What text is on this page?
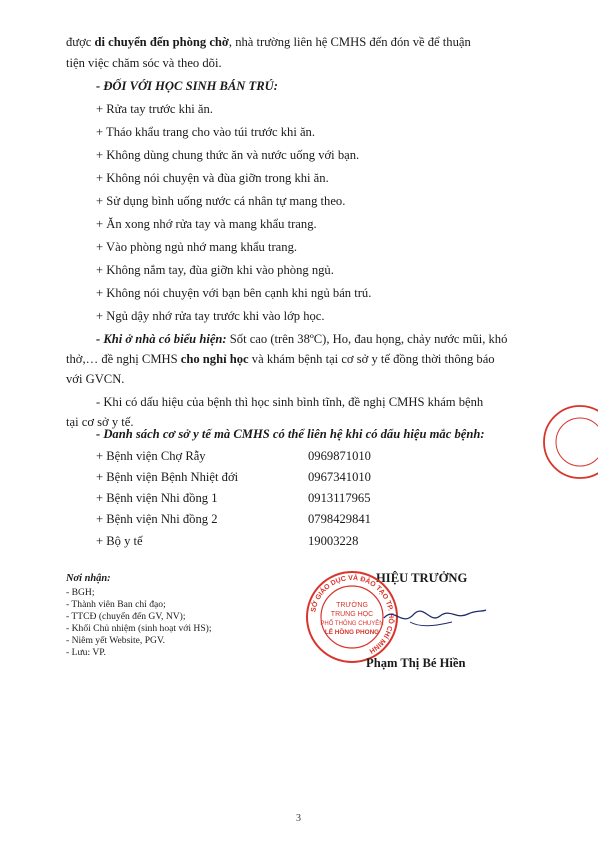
được di chuyển đến phòng chờ, nhà trường liên hệ CMHS đến đón về để thuận
tiện việc chăm sóc và theo dõi.
- ĐỐI VỚI HỌC SINH BÁN TRÚ:
+ Rửa tay trước khi ăn.
+ Tháo khẩu trang cho vào túi trước khi ăn.
+ Không dùng chung thức ăn và nước uống với bạn.
+ Không nói chuyện và đùa giỡn trong khi ăn.
+ Sử dụng bình uống nước cá nhân tự mang theo.
+ Ăn xong nhớ rửa tay và mang khẩu trang.
+ Vào phòng ngủ nhớ mang khẩu trang.
+ Không nắm tay, đùa giỡn khi vào phòng ngủ.
+ Không nói chuyện với bạn bên cạnh khi ngủ bán trú.
+ Ngủ dậy nhớ rửa tay trước khi vào lớp học.
- Khi ở nhà có biểu hiện: Sốt cao (trên 38ºC), Ho, đau họng, chảy nước mũi, khó
thở,… đề nghị CMHS cho nghỉ học và khám bệnh tại cơ sở y tế đồng thời thông báo
với GVCN.
- Khi có dấu hiệu của bệnh thì học sinh bình tĩnh, đề nghị CMHS khám bệnh
tại cơ sở y tế.
- Danh sách cơ sở y tế mà CMHS có thể liên hệ khi có dấu hiệu mắc bệnh:
+ Bệnh viện Chợ Rẫy	0969871010
+ Bệnh viện Bệnh Nhiệt đới	0967341010
+ Bệnh viện Nhi đồng 1	0913117965
+ Bệnh viện Nhi đồng 2	0798429841
+ Bộ y tế	19003228
Nơi nhận:
- BGH;
- Thành viên Ban chỉ đạo;
- TTCĐ (chuyển đến GV, NV);
- Khối Chủ nhiệm (sinh hoạt với HS);
- Niêm yết Website, PGV.
- Lưu: VP.
HIỆU TRƯỞNG
SỞ GIÁO DỤC VÀ ĐÀO TẠO TP. HỒ CHÍ MINH
TRƯỜNG
TRUNG HỌC
PHỔ THÔNG CHUYÊN
LÊ HỒNG PHONG
Phạm Thị Bé Hiền
3
